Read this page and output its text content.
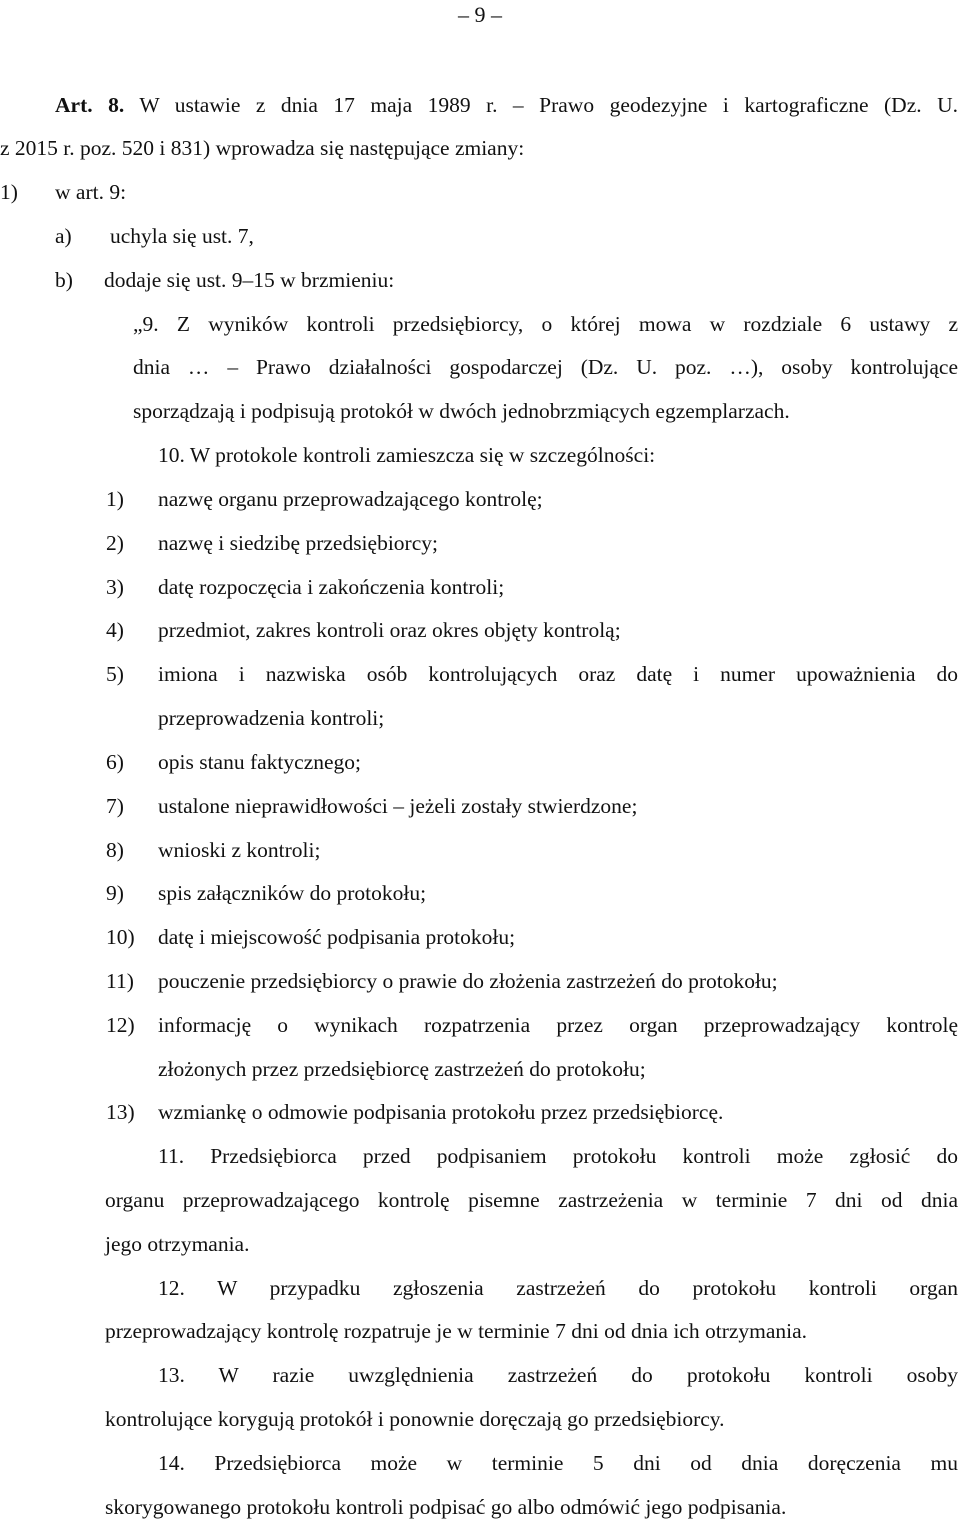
– 9 –
Art. 8. W ustawie z dnia 17 maja 1989 r. – Prawo geodezyjne i kartograficzne (Dz. U.
z 2015 r. poz. 520 i 831) wprowadza się następujące zmiany:
1) w art. 9:
a) uchyla się ust. 7,
b) dodaje się ust. 9–15 w brzmieniu:
„9. Z wyników kontroli przedsiębiorcy, o której mowa w rozdziale 6 ustawy z
dnia … – Prawo działalności gospodarczej (Dz. U. poz. …), osoby kontrolujące
sporządzają i podpisują protokół w dwóch jednobrzmiących egzemplarzach.
10. W protokole kontroli zamieszcza się w szczególności:
1) nazwę organu przeprowadzającego kontrolę;
2) nazwę i siedzibę przedsiębiorcy;
3) datę rozpoczęcia i zakończenia kontroli;
4) przedmiot, zakres kontroli oraz okres objęty kontrolą;
5) imiona i nazwiska osób kontrolujących oraz datę i numer upoważnienia do
przeprowadzenia kontroli;
6) opis stanu faktycznego;
7) ustalone nieprawidłowości – jeżeli zostały stwierdzone;
8) wnioski z kontroli;
9) spis załączników do protokołu;
10) datę i miejscowość podpisania protokołu;
11) pouczenie przedsiębiorcy o prawie do złożenia zastrzeżeń do protokołu;
12) informację o wynikach rozpatrzenia przez organ przeprowadzający kontrolę
złożonych przez przedsiębiorcę zastrzeżeń do protokołu;
13) wzmiankę o odmowie podpisania protokołu przez przedsiębiorcę.
11. Przedsiębiorca przed podpisaniem protokołu kontroli może zgłosić do
organu przeprowadzającego kontrolę pisemne zastrzeżenia w terminie 7 dni od dnia
jego otrzymania.
12. W przypadku zgłoszenia zastrzeżeń do protokołu kontroli organ
przeprowadzający kontrolę rozpatruje je w terminie 7 dni od dnia ich otrzymania.
13. W razie uwzględnienia zastrzeżeń do protokołu kontroli osoby
kontrolujące korygują protokół i ponownie doręczają go przedsiębiorcy.
14. Przedsiębiorca może w terminie 5 dni od dnia doręczenia mu
skorygowanego protokołu kontroli podpisać go albo odmówić jego podpisania.
